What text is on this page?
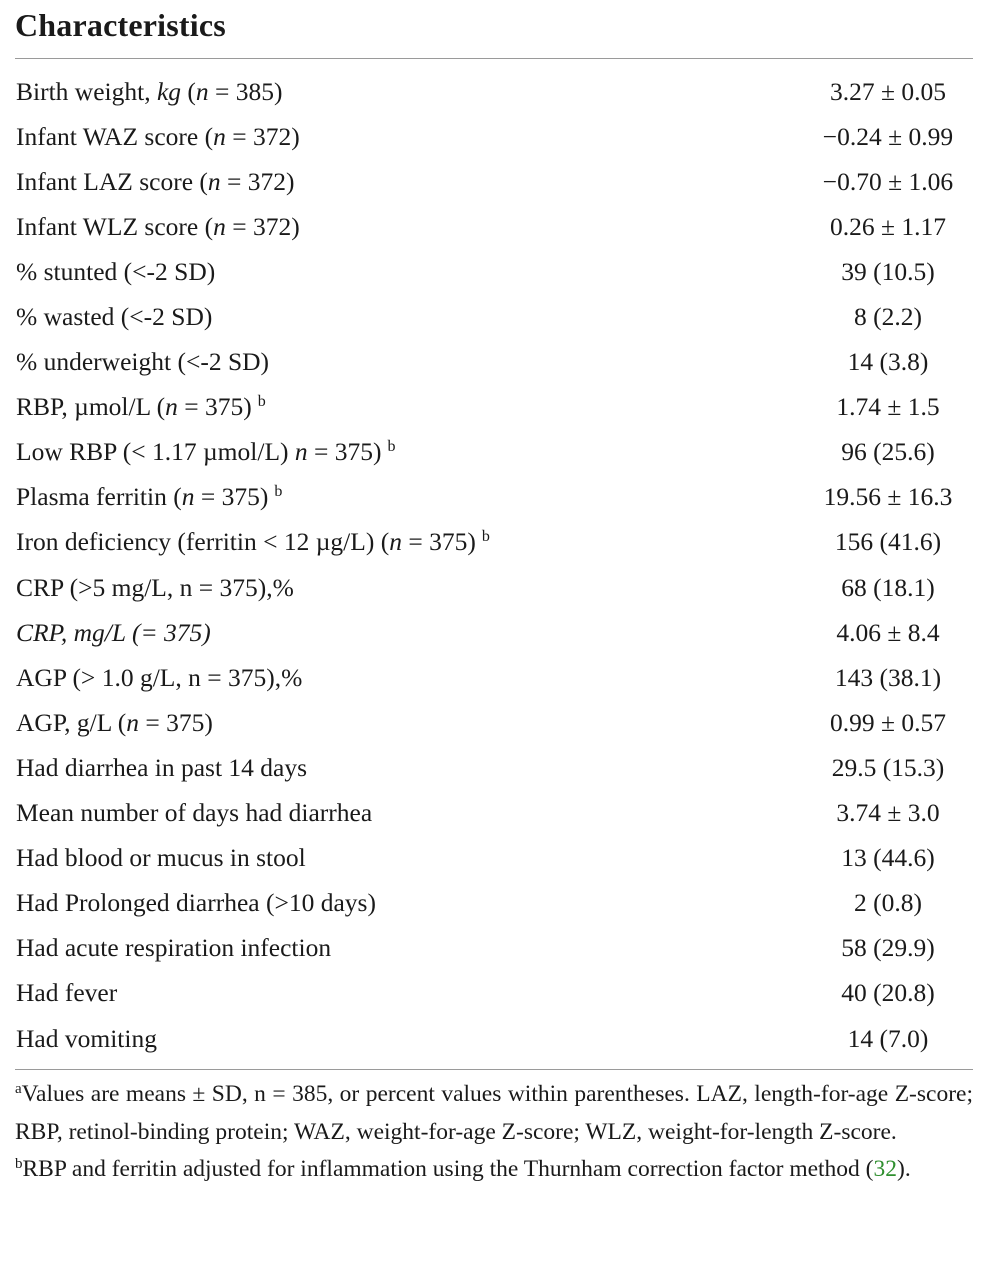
Characteristics
Birth weight, kg (n = 385)	3.27 ± 0.05
Infant WAZ score (n = 372)	−0.24 ± 0.99
Infant LAZ score (n = 372)	−0.70 ± 1.06
Infant WLZ score (n = 372)	0.26 ± 1.17
% stunted (<-2 SD)	39 (10.5)
% wasted (<-2 SD)	8 (2.2)
% underweight (<-2 SD)	14 (3.8)
RBP, µmol/L (n = 375) $^b$	1.74 ± 1.5
Low RBP (< 1.17 µmol/L) n = 375) $^b$	96 (25.6)
Plasma ferritin (n = 375) $^b$	19.56 ± 16.3
Iron deficiency (ferritin < 12 µg/L) (n = 375) $^b$	156 (41.6)
CRP (>5 mg/L, n = 375),%	68 (18.1)
CRP, mg/L (= 375)	4.06 ± 8.4
AGP (> 1.0 g/L, n = 375),%	143 (38.1)
AGP, g/L (n = 375)	0.99 ± 0.57
Had diarrhea in past 14 days	29.5 (15.3)
Mean number of days had diarrhea	3.74 ± 3.0
Had blood or mucus in stool	13 (44.6)
Had Prolonged diarrhea (>10 days)	2 (0.8)
Had acute respiration infection	58 (29.9)
Had fever	40 (20.8)
Had vomiting	14 (7.0)

$^a$Values are means ± SD, n = 385, or percent values within parentheses. LAZ, length-for-age Z-score; RBP, retinol-binding protein; WAZ, weight-for-age Z-score; WLZ, weight-for-length Z-score.

$^b$RBP and ferritin adjusted for inflammation using the Thurnham correction factor method (32).
